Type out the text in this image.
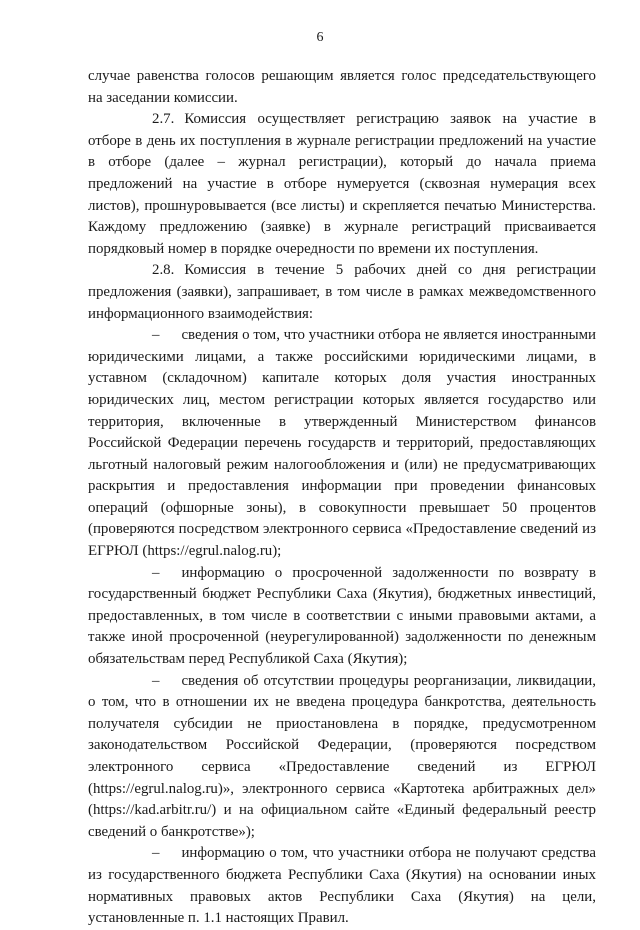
6

случае равенства голосов решающим является голос председательствующего на заседании комиссии.

2.7. Комиссия осуществляет регистрацию заявок на участие в отборе в день их поступления в журнале регистрации предложений на участие в отборе (далее – журнал регистрации), который до начала приема предложений на участие в отборе нумеруется (сквозная нумерация всех листов), прошнуровывается (все листы) и скрепляется печатью Министерства. Каждому предложению (заявке) в журнале регистраций присваивается порядковый номер в порядке очередности по времени их поступления.

2.8. Комиссия в течение 5 рабочих дней со дня регистрации предложения (заявки), запрашивает, в том числе в рамках межведомственного информационного взаимодействия:

– сведения о том, что участники отбора не является иностранными юридическими лицами, а также российскими юридическими лицами, в уставном (складочном) капитале которых доля участия иностранных юридических лиц, местом регистрации которых является государство или территория, включенные в утвержденный Министерством финансов Российской Федерации перечень государств и территорий, предоставляющих льготный налоговый режим налогообложения и (или) не предусматривающих раскрытия и предоставления информации при проведении финансовых операций (офшорные зоны), в совокупности превышает 50 процентов (проверяются посредством электронного сервиса «Предоставление сведений из ЕГРЮЛ (https://egrul.nalog.ru);

– информацию о просроченной задолженности по возврату в государственный бюджет Республики Саха (Якутия), бюджетных инвестиций, предоставленных, в том числе в соответствии с иными правовыми актами, а также иной просроченной (неурегулированной) задолженности по денежным обязательствам перед Республикой Саха (Якутия);

– сведения об отсутствии процедуры реорганизации, ликвидации, о том, что в отношении их не введена процедура банкротства, деятельность получателя субсидии не приостановлена в порядке, предусмотренном законодательством Российской Федерации, (проверяются посредством электронного сервиса «Предоставление сведений из ЕГРЮЛ (https://egrul.nalog.ru)», электронного сервиса «Картотека арбитражных дел» (https://kad.arbitr.ru/) и на официальном сайте «Единый федеральный реестр сведений о банкротстве»);

– информацию о том, что участники отбора не получают средства из государственного бюджета Республики Саха (Якутия) на основании иных нормативных правовых актов Республики Саха (Якутия) на цели, установленные п. 1.1 настоящих Правил.
